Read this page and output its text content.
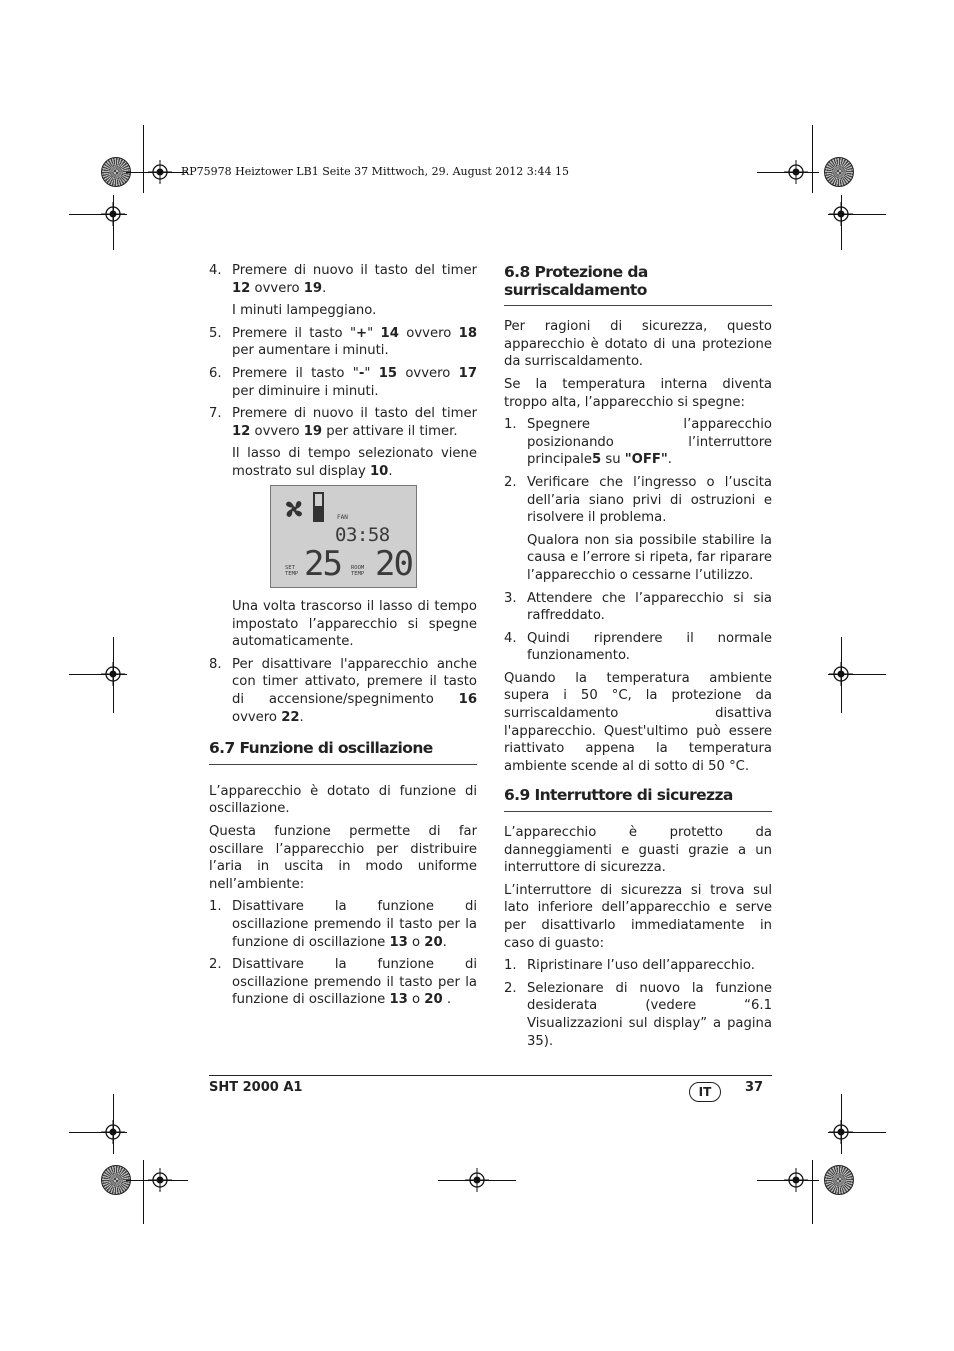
RP75978 Heiztower LB1 Seite 37 Mittwoch, 29. August 2012 3:44 15
4. Premere di nuovo il tasto del timer 12 ovvero 19.
I minuti lampeggiano.
5. Premere il tasto "+" 14 ovvero 18 per aumentare i minuti.
6. Premere il tasto "-" 15 ovvero 17 per diminuire i minuti.
7. Premere di nuovo il tasto del timer 12 ovvero 19 per attivare il timer.
Il lasso di tempo selezionato viene mostrato sul display 10.
FAN
03:58
SET TEMP 25 ROOM TEMP 20
Una volta trascorso il lasso di tempo impostato l’apparecchio si spegne automaticamente.
8. Per disattivare l'apparecchio anche con timer attivato, premere il tasto di accensione/spegnimento 16 ovvero 22.
6.7 Funzione di oscillazione

L’apparecchio è dotato di funzione di oscillazione.

Questa funzione permette di far oscillare l’apparecchio per distribuire l’aria in uscita in modo uniforme nell’ambiente:

1. Disattivare la funzione di oscillazione premendo il tasto per la funzione di oscillazione 13 o 20.
2. Disattivare la funzione di oscillazione premendo il tasto per la funzione di oscillazione 13 o 20 .
6.8 Protezione da surriscaldamento

Per ragioni di sicurezza, questo apparecchio è dotato di una protezione da surriscaldamento.

Se la temperatura interna diventa troppo alta, l’apparecchio si spegne:

1. Spegnere l’apparecchio posizionando l’interruttore principale5 su "OFF".
2. Verificare che l’ingresso o l’uscita dell’aria siano privi di ostruzioni e risolvere il problema.
Qualora non sia possibile stabilire la causa e l’errore si ripeta, far riparare l’apparecchio o cessarne l’utilizzo.
3. Attendere che l’apparecchio si sia raffreddato.
4. Quindi riprendere il normale funzionamento.

Quando la temperatura ambiente supera i 50 °C, la protezione da surriscaldamento disattiva l'apparecchio. Quest'ultimo può essere riattivato appena la temperatura ambiente scende al di sotto di 50 °C.

6.9 Interruttore di sicurezza

L’apparecchio è protetto da danneggiamenti e guasti grazie a un interruttore di sicurezza.

L’interruttore di sicurezza si trova sul lato inferiore dell’apparecchio e serve per disattivarlo immediatamente in caso di guasto:

1. Ripristinare l’uso dell’apparecchio.
2. Selezionare di nuovo la funzione desiderata (vedere “6.1 Visualizzazioni sul display” a pagina 35).
SHT 2000 A1	IT	37
